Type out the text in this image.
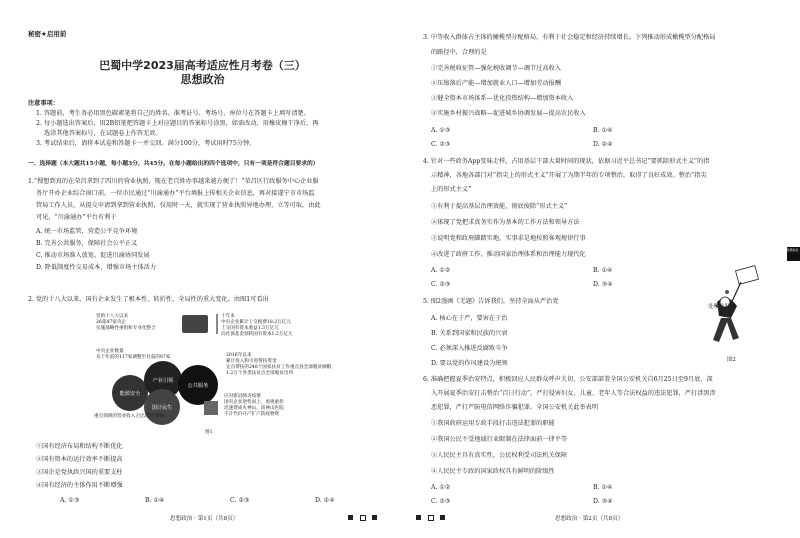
思想政治
秘密★启用前
巴蜀中学2023届高考适应性月考卷（三）
思想政治
注意事项：
1. 答题前，考生务必用黑色碳素笔将自己的姓名、准考证号、考场号、座位号在答题卡上填写清楚。
2. 每小题选出答案后，用2B铅笔把答题卡上对应题目的答案标号涂黑，如需改动，用橡皮擦干净后，再
选涂其他答案标号，在试题卷上作答无效。
3. 考试结束后，请将本试卷和答题卡一并交回。满分100分，考试用时75分钟。
一、选择题（本大题共15小题，每小题3分，共45分。在每小题给出的四个选项中，只有一项是符合题目要求的）
1.“搜想到真的在荣昌拿到了四川的营业执照，现在老百姓办事越来越方便了！”荣昌区行政服务中心企业服
务厅开办企业综合窗口前，一位市民通过“川渝通办”平台填报上传相关企业信息，再对接遂宁市市场监
管局工作人员，从提交申请到拿到营业执照，仅用时一天，就实现了营业执照异地办理、立等可取。由此
可见，“川渝通办”平台有利于
A. 统一市场监管，营造公平竞争环境
B. 完善公共服务，保障社会公平正义
C. 推动市场准入放宽，促进川渝协同发展
D. 降低制度性交易成本，增强市场主体活力
2. 党的十八大以来，国有企业发生了根本性、转折性、全局性的重大变化。由图1可看出
党的十八大以来
26部47家央企
实施战略性重组和专业化整合
十年来
中央企业累计上交税费18.2万亿元
上交国有资本收益1.3万亿元
向社保基金划转国有资本1.2万亿元
中央企业数量
从十年前的117家调整至目前的97家	2016年以来
累计投入和引进帮扶资金
定点帮扶的248个国家扶贫工作重点县全部脱贫摘帽
1.2万个各类扶贫点全部脱贫出列
能源安全
产业引领
国计民生
公共服务
重点领域的营业收入占比超过70%
应对新冠肺炎疫情
国有企业逆势而上，勇挑重担
迅速建成火神山、雷神山医院
不计代价开产扩产防疫物资
图1
①国有经济布局和结构不断优化
②国有资本的运行效率不断提高
③国企是党执政兴国的重要支柱
④国有经济的主体作用不断增强
A. ①③	B. ①④	C. ②③	D. ②④
思想政治 · 第1页（共8页）
3. 中等收入群体占主体的橄榄型分配格局，有利于社会稳定和经济持续增长。下列推动形成橄榄型分配格局
的路径中，合理的是
①完善税收征管—强化税收调节—调节过高收入
②压缩落后产能—增加就业人口—增加劳动报酬
③健全资本市场体系—优化投资结构—增加资本收入
④实施乡村振兴战略—促进城乡协调发展—提高农民收入
A. ①③	B. ①④
C. ②③	D. ②④
4. 针对一些政务App变味走样，占用基层干部大量时间的现状，依据习近平总书记“要抓除形式主义”的指
示精神，各地各部门对“指尖上的形式主义”开展了为期半年的专项整治，取得了良好成效。整治“指尖
上的形式主义”
①有利于提高基层治理效能，彻底废除“形式主义”
②体现了党把求真务实作为基本的工作方法和领导方法
③说明党和政府脚踏实地、实事求是地按照客观规律行事
④改进了政府工作，推动国家治理体系和治理能力现代化
A. ①②	B. ①④
C. ②③	D. ③④
5. 图2漫画《无题》告诉我们，坚持全面从严治党
A. 核心在于严，要害在于治
B. 关系到国家和民族的兴衰
C. 必须深入推进反腐败斗争
D. 要以党的作风建设为统领
处理结果
图2
6. 准确把握夏季治安特点，积极回应人民群众呼声关切，公安部部署全国公安机关自6月25日至9月底，深
入开展夏季治安打击整治“百日行动”，严打侵害妇女、儿童、老年人等合法权益的违法犯罪，严打涉黑涉
恶犯罪，严打严防电信网络诈骗犯罪。全国公安机关此举表明
①我国政府运用专政手段打击违法犯罪的职能
②我国公民不受地域行业限制在法律面前一律平等
③人民民主具有真实性，公民权利受司法机关保障
④人民民主专政的国家政权具有鲜明的阶级性
A. ①②	B. ①④
C. ②③	D. ③④
思想政治 · 第2页（共8页）
